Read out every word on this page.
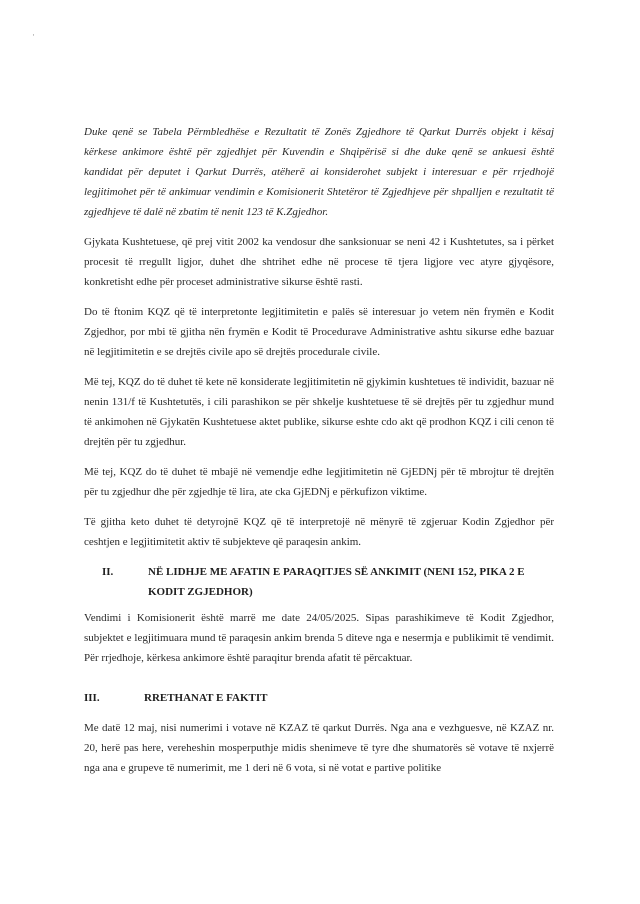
·

Duke qenë se Tabela Përmbledhëse e Rezultatit të Zonës Zgjedhore të Qarkut Durrës objekt i kësaj kërkese ankimore është për zgjedhjet për Kuvendin e Shqipërisë si dhe duke qenë se ankuesi është kandidat për deputet i Qarkut Durrës, atëherë ai konsiderohet subjekt i interesuar e për rrjedhojë legjitimohet për të ankimuar vendimin e Komisionerit Shtetëror të Zgjedhjeve për shpalljen e rezultatit të zgjedhjeve të dalë në zbatim të nenit 123 të K.Zgjedhor.

Gjykata Kushtetuese, që prej vitit 2002 ka vendosur dhe sanksionuar se neni 42 i Kushtetutes, sa i përket procesit të rregullt ligjor, duhet dhe shtrihet edhe në procese të tjera ligjore vec atyre gjyqësore, konkretisht edhe për proceset administrative sikurse është rasti.

Do të ftonim KQZ që të interpretonte legjitimitetin e palës së interesuar jo vetem nën frymën e Kodit Zgjedhor, por mbi të gjitha nën frymën e Kodit të Procedurave Administrative ashtu sikurse edhe bazuar në legjitimitetin e se drejtës civile apo së drejtës procedurale civile.

Më tej, KQZ do të duhet të kete në konsiderate legjitimitetin në gjykimin kushtetues të individit, bazuar në nenin 131/f të Kushtetutës, i cili parashikon se për shkelje kushtetuese të së drejtës për tu zgjedhur mund të ankimohen në Gjykatën Kushtetuese aktet publike, sikurse eshte cdo akt që prodhon KQZ i cili cenon të drejtën për tu zgjedhur.

Më tej, KQZ do të duhet të mbajë në vemendje edhe legjitimitetin në GjEDNj për të mbrojtur të drejtën për tu zgjedhur dhe për zgjedhje të lira, ate cka GjEDNj e përkufizon viktime.

Të gjitha keto duhet të detyrojnë KQZ që të interpretojë në mënyrë të zgjeruar Kodin Zgjedhor për ceshtjen e legjitimitetit aktiv të subjekteve që paraqesin ankim.

II.	NË LIDHJE ME AFATIN E PARAQITJES SË ANKIMIT (NENI 152, PIKA 2 E KODIT ZGJEDHOR)

Vendimi i Komisionerit është marrë me date 24/05/2025. Sipas parashikimeve të Kodit Zgjedhor, subjektet e legjitimuara mund të paraqesin ankim brenda 5 diteve nga e nesermja e publikimit të vendimit. Për rrjedhoje, kërkesa ankimore është paraqitur brenda afatit të përcaktuar.

III.	RRETHANAT E FAKTIT

Me datë 12 maj, nisi numerimi i votave në KZAZ të qarkut Durrës. Nga ana e vezhguesve, në KZAZ nr. 20, herë pas here, vereheshin mosperputhje midis shenimeve të tyre dhe shumatorës së votave të nxjerrë nga ana e grupeve të numerimit, me 1 deri në 6 vota, si në votat e partive politike
